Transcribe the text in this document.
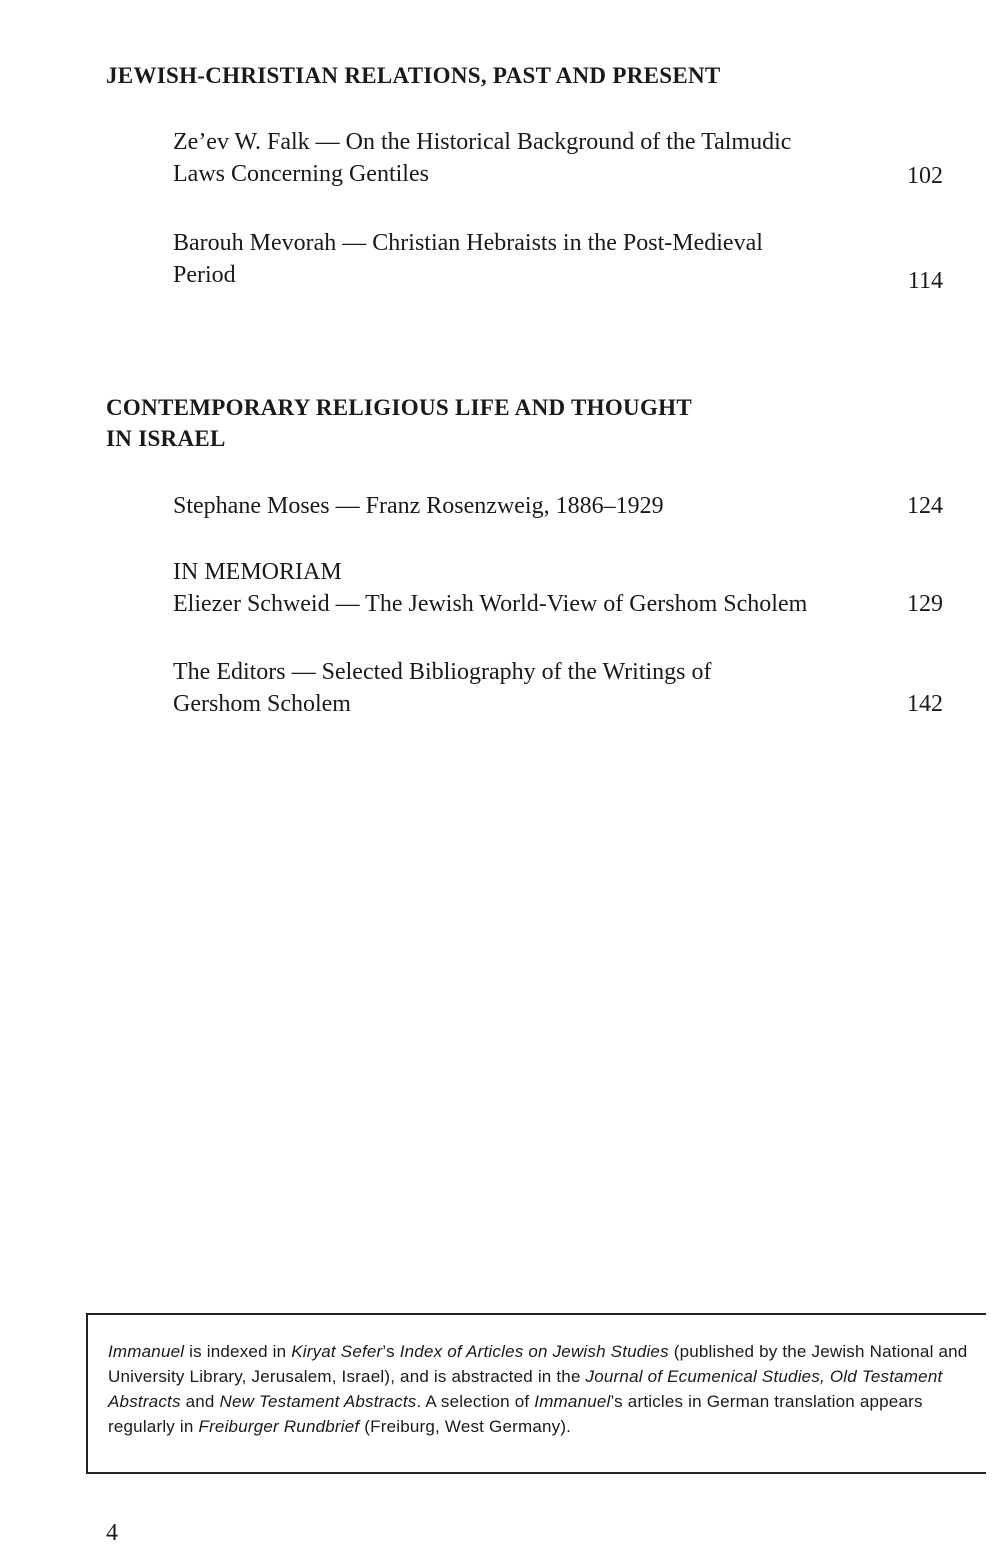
JEWISH-CHRISTIAN RELATIONS, PAST AND PRESENT
Ze’ev W. Falk — On the Historical Background of the Talmudic
Laws Concerning Gentiles	102
Barouh Mevorah — Christian Hebraists in the Post-Medieval
Period	114
CONTEMPORARY RELIGIOUS LIFE AND THOUGHT
IN ISRAEL
Stephane Moses — Franz Rosenzweig, 1886–1929	124
IN MEMORIAM
Eliezer Schweid — The Jewish World-View of Gershom Scholem	129
The Editors — Selected Bibliography of the Writings of
Gershom Scholem	142

Immanuel is indexed in Kiryat Sefer’s Index of Articles on Jewish Studies (published by the Jewish National and University Library, Jerusalem, Israel), and is abstracted in the Journal of Ecumenical Studies, Old Testament Abstracts and New Testament Abstracts. A selection of Immanuel’s articles in German translation appears regularly in Freiburger Rundbrief (Freiburg, West Germany).

4
